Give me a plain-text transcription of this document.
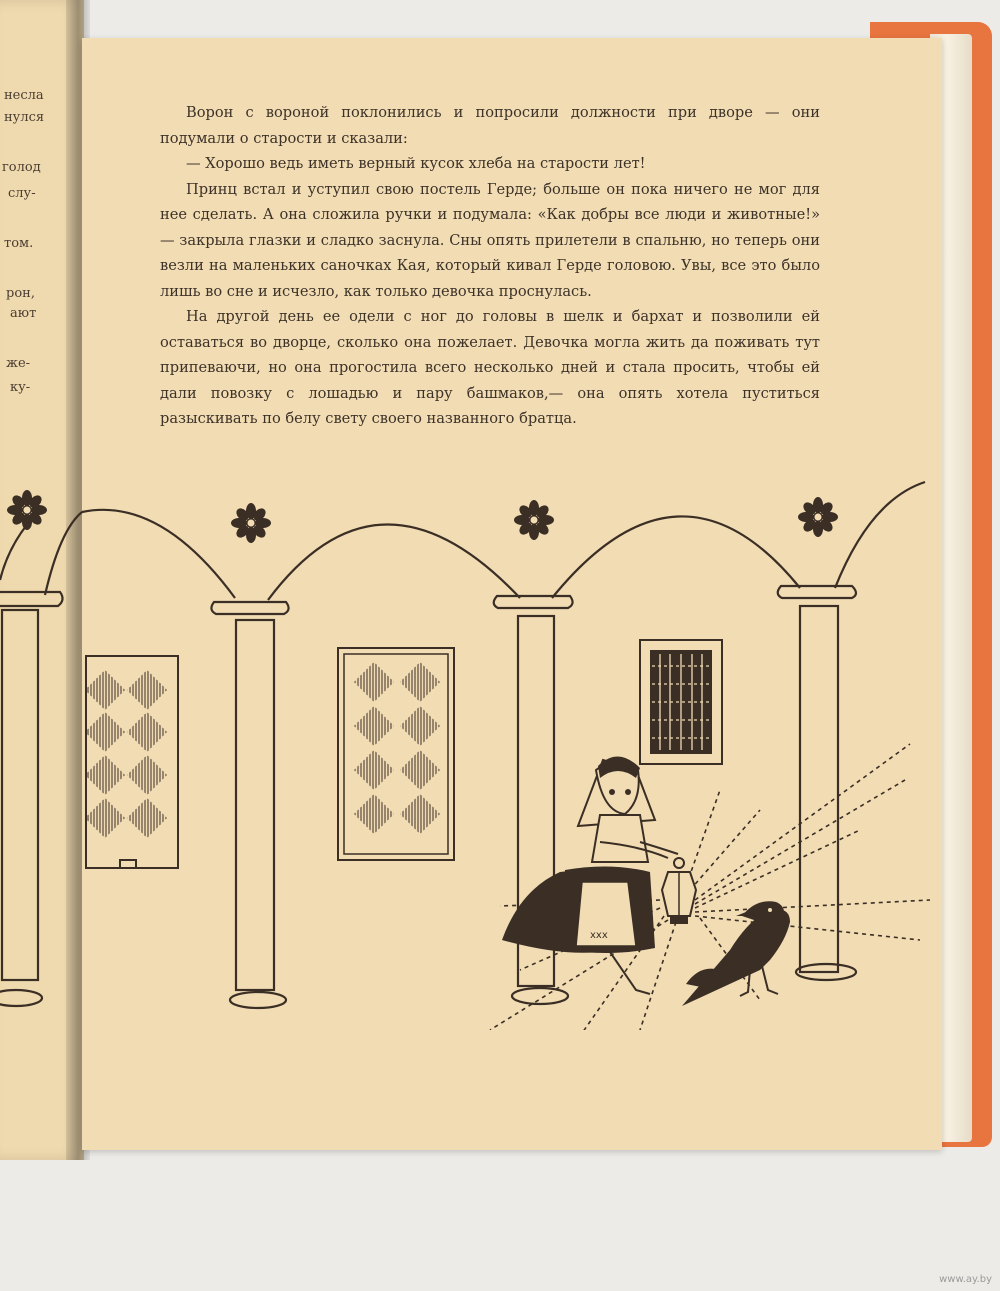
несла
нулся
голод
слу-
том.
рон,
ают
же-
ку-

Ворон с вороной поклонились и попросили должности при дворе — они подумали о старости и сказали:

— Хорошо ведь иметь верный кусок хлеба на старости лет!

Принц встал и уступил свою постель Герде; больше он пока ничего не мог для нее сделать. А она сложила ручки и подумала: «Как добры все люди и животные!» — закрыла глазки и сладко заснула. Сны опять прилетели в спальню, но теперь они везли на маленьких саночках Кая, который кивал Герде головою. Увы, все это было лишь во сне и исчезло, как только девочка проснулась.

На другой день ее одели с ног до головы в шелк и бархат и позволили ей оставаться во дворце, сколько она пожелает. Девочка могла жить да поживать тут припеваючи, но она прогостила всего несколько дней и стала просить, чтобы ей дали повозку с лошадью и пару башмаков,— она опять хотела пуститься разыскивать по белу свету своего названного братца.

xxx
www.ay.by
